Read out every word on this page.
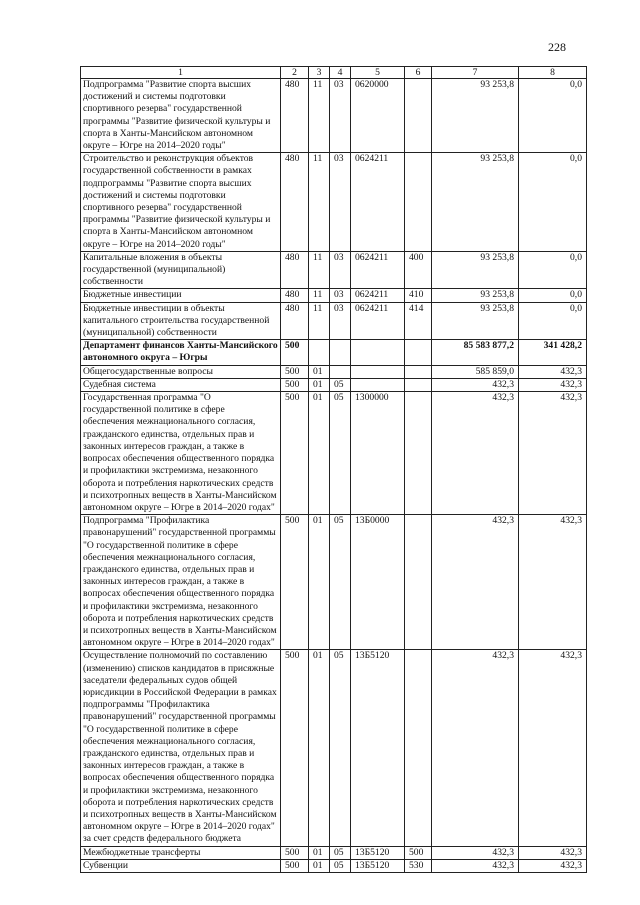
228
1	2	3	4	5	6	7	8
Подпрограмма "Развитие спорта высших достижений и системы подготовки спортивного резерва" государственной программы "Развитие физической культуры и спорта в Ханты-Мансийском автономном округе – Югре на 2014–2020 годы"	480	11	03	0620000		93 253,8	0,0
Строительство и реконструкция объектов государственной собственности в рамках подпрограммы "Развитие спорта высших достижений и системы подготовки спортивного резерва" государственной программы "Развитие физической культуры и спорта в Ханты-Мансийском автономном округе – Югре на 2014–2020 годы"	480	11	03	0624211		93 253,8	0,0
Капитальные вложения в объекты государственной (муниципальной) собственности	480	11	03	0624211	400	93 253,8	0,0
Бюджетные инвестиции	480	11	03	0624211	410	93 253,8	0,0
Бюджетные инвестиции в объекты капитального строительства государственной (муниципальной) собственности	480	11	03	0624211	414	93 253,8	0,0
Департамент финансов Ханты-Мансийского автономного округа – Югры	500					85 583 877,2	341 428,2
Общегосударственные вопросы	500	01				585 859,0	432,3
Судебная система	500	01	05			432,3	432,3
Государственная программа "О государственной политике в сфере обеспечения межнационального согласия, гражданского единства, отдельных прав и законных интересов граждан, а также в вопросах обеспечения общественного порядка и профилактики экстремизма, незаконного оборота и потребления наркотических средств и психотропных веществ в Ханты-Мансийском автономном округе – Югре в 2014–2020 годах"	500	01	05	1300000		432,3	432,3
Подпрограмма "Профилактика правонарушений" государственной программы "О государственной политике в сфере обеспечения межнационального согласия, гражданского единства, отдельных прав и законных интересов граждан, а также в вопросах обеспечения общественного порядка и профилактики экстремизма, незаконного оборота и потребления наркотических средств и психотропных веществ в Ханты-Мансийском автономном округе – Югре в 2014–2020 годах"	500	01	05	13Б0000		432,3	432,3
Осуществление полномочий по составлению (изменению) списков кандидатов в присяжные заседатели федеральных судов общей юрисдикции в Российской Федерации в рамках подпрограммы "Профилактика правонарушений" государственной программы "О государственной политике в сфере обеспечения межнационального согласия, гражданского единства, отдельных прав и законных интересов граждан, а также в вопросах обеспечения общественного порядка и профилактики экстремизма, незаконного оборота и потребления наркотических средств и психотропных веществ в Ханты-Мансийском автономном округе – Югре в 2014–2020 годах" за счет средств федерального бюджета	500	01	05	13Б5120		432,3	432,3
Межбюджетные трансферты	500	01	05	13Б5120	500	432,3	432,3
Субвенции	500	01	05	13Б5120	530	432,3	432,3
